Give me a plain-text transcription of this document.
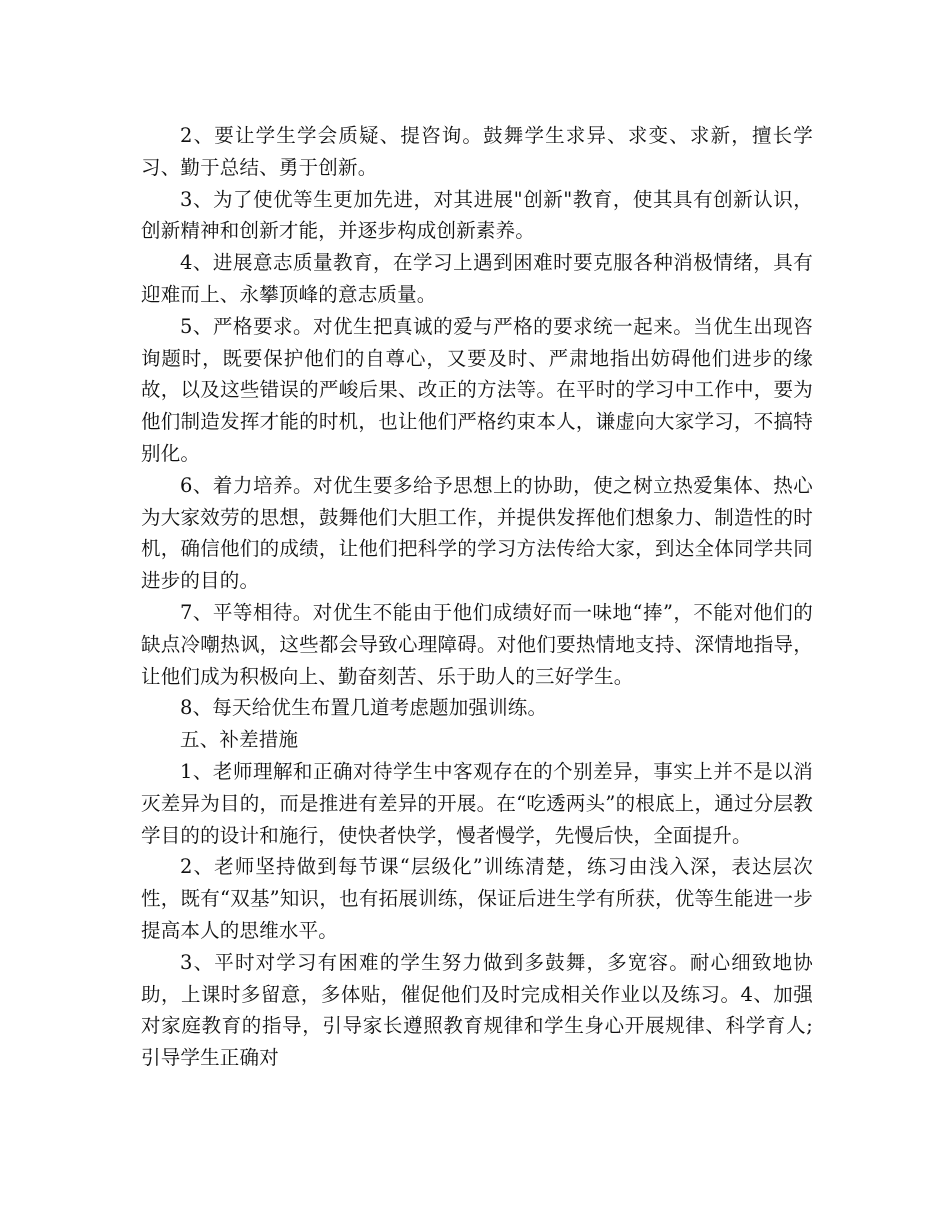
2、要让学生学会质疑、提咨询。鼓舞学生求异、求变、求新，擅长学习、勤于总结、勇于创新。

3、为了使优等生更加先进，对其进展"创新"教育，使其具有创新认识，创新精神和创新才能，并逐步构成创新素养。

4、进展意志质量教育，在学习上遇到困难时要克服各种消极情绪，具有迎难而上、永攀顶峰的意志质量。

5、严格要求。对优生把真诚的爱与严格的要求统一起来。当优生出现咨询题时，既要保护他们的自尊心，又要及时、严肃地指出妨碍他们进步的缘故，以及这些错误的严峻后果、改正的方法等。在平时的学习中工作中，要为他们制造发挥才能的时机，也让他们严格约束本人，谦虚向大家学习，不搞特别化。

6、着力培养。对优生要多给予思想上的协助，使之树立热爱集体、热心为大家效劳的思想，鼓舞他们大胆工作，并提供发挥他们想象力、制造性的时机，确信他们的成绩，让他们把科学的学习方法传给大家，到达全体同学共同进步的目的。

7、平等相待。对优生不能由于他们成绩好而一味地“捧”，不能对他们的缺点冷嘲热讽，这些都会导致心理障碍。对他们要热情地支持、深情地指导，让他们成为积极向上、勤奋刻苦、乐于助人的三好学生。

8、每天给优生布置几道考虑题加强训练。

五、补差措施

1、老师理解和正确对待学生中客观存在的个别差异，事实上并不是以消灭差异为目的，而是推进有差异的开展。在“吃透两头”的根底上，通过分层教学目的的设计和施行，使快者快学，慢者慢学，先慢后快，全面提升。

2、老师坚持做到每节课“层级化”训练清楚，练习由浅入深，表达层次性，既有“双基”知识，也有拓展训练，保证后进生学有所获，优等生能进一步提高本人的思维水平。

3、平时对学习有困难的学生努力做到多鼓舞，多宽容。耐心细致地协助，上课时多留意，多体贴，催促他们及时完成相关作业以及练习。4、加强对家庭教育的指导，引导家长遵照教育规律和学生身心开展规律、科学育人;引导学生正确对
